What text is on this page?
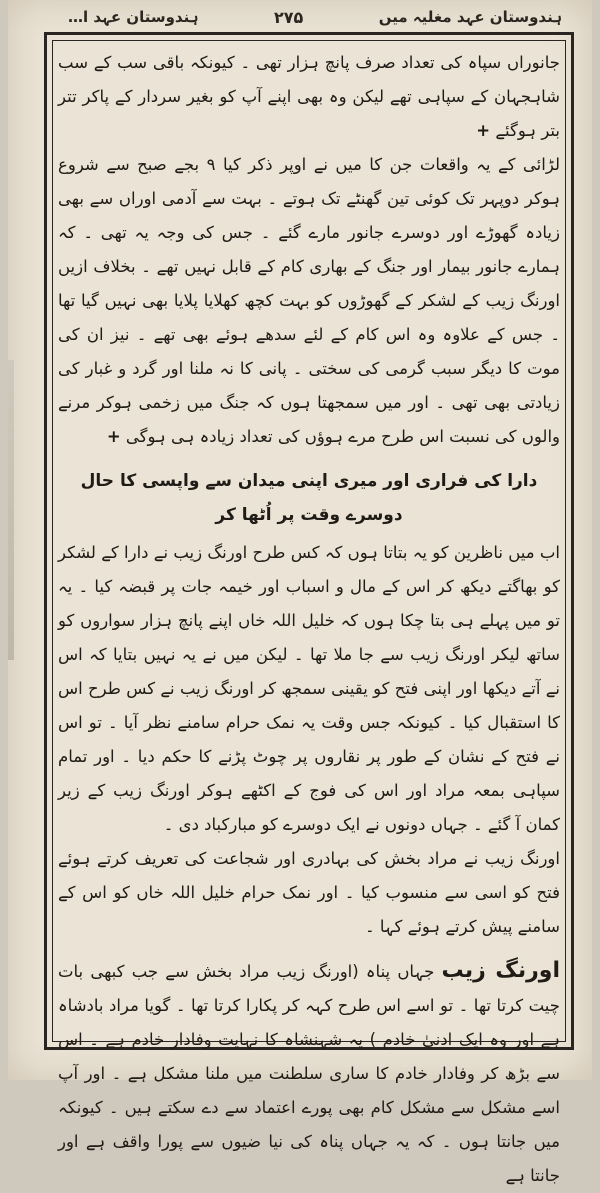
ہندوستان عہد مغلیہ میں
۲۷۵
ہندوستان عہد ا…

جانوراں سپاہ کی تعداد صرف پانچ ہزار تھی ۔ کیونکہ باقی سب کے سب شاہجہان کے سپاہی تھے لیکن وہ بھی اپنے آپ کو بغیر سردار کے پاکر تتر بتر ہوگئے +

لڑائی کے یہ واقعات جن کا میں نے اوپر ذکر کیا ۹ بجے صبح سے شروع ہوکر دوپہر تک کوئی تین گھنٹے تک ہوتے ۔ بہت سے آدمی اوراں سے بھی زیادہ گھوڑے اور دوسرے جانور مارے گئے ۔ جس کی وجہ یہ تھی ۔ کہ ہمارے جانور بیمار اور جنگ کے بھاری کام کے قابل نہیں تھے ۔ بخلاف ازیں اورنگ زیب کے لشکر کے گھوڑوں کو بہت کچھ کھلایا پلایا بھی نہیں گیا تھا ۔ جس کے علاوہ وہ اس کام کے لئے سدھے ہوئے بھی تھے ۔ نیز ان کی موت کا دیگر سبب گرمی کی سختی ۔ پانی کا نہ ملنا اور گرد و غبار کی زیادتی بھی تھی ۔ اور میں سمجھتا ہوں کہ جنگ میں زخمی ہوکر مرنے والوں کی نسبت اس طرح مرے ہوؤں کی تعداد زیادہ ہی ہوگی +

دارا کی فراری اور میری اپنی میدان سے واپسی کا حال دوسرے وقت پر اُٹھا کر

اب میں ناظرین کو یہ بتاتا ہوں کہ کس طرح اورنگ زیب نے دارا کے لشکر کو بھاگتے دیکھ کر اس کے مال و اسباب اور خیمہ جات پر قبضہ کیا ۔ یہ تو میں پہلے ہی بتا چکا ہوں کہ خلیل اللہ خاں اپنے پانچ ہزار سواروں کو ساتھ لیکر اورنگ زیب سے جا ملا تھا ۔ لیکن میں نے یہ نہیں بتایا کہ اس نے آتے دیکھا اور اپنی فتح کو یقینی سمجھ کر اورنگ زیب نے کس طرح اس کا استقبال کیا ۔ کیونکہ جس وقت یہ نمک حرام سامنے نظر آیا ۔ تو اس نے فتح کے نشان کے طور پر نقاروں پر چوٹ پڑنے کا حکم دیا ۔ اور تمام سپاہی بمعہ مراد اور اس کی فوج کے اکٹھے ہوکر اورنگ زیب کے زیر کمان آ گئے ۔ جہاں دونوں نے ایک دوسرے کو مبارکباد دی ۔

اورنگ زیب نے مراد بخش کی بہادری اور شجاعت کی تعریف کرتے ہوئے فتح کو اسی سے منسوب کیا ۔ اور نمک حرام خلیل اللہ خاں کو اس کے سامنے پیش کرتے ہوئے کہا ۔

اورنگ زیب جہاں پناہ (اورنگ زیب مراد بخش سے جب کبھی بات چیت کرتا تھا ۔ تو اسے اس طرح کہہ کر پکارا کرتا تھا ۔ گویا مراد بادشاہ ہے اور وہ ایک ادنیٰ خادم ) یہ شہنشاہ کا نہایت وفادار خادم ہے ۔ اس سے بڑھ کر وفادار خادم کا ساری سلطنت میں ملنا مشکل ہے ۔ اور آپ اسے مشکل سے مشکل کام بھی پورے اعتماد سے دے سکتے ہیں ۔ کیونکہ میں جانتا ہوں ۔ کہ یہ جہاں پناہ کی نیا ضیوں سے پورا واقف ہے اور جانتا ہے
